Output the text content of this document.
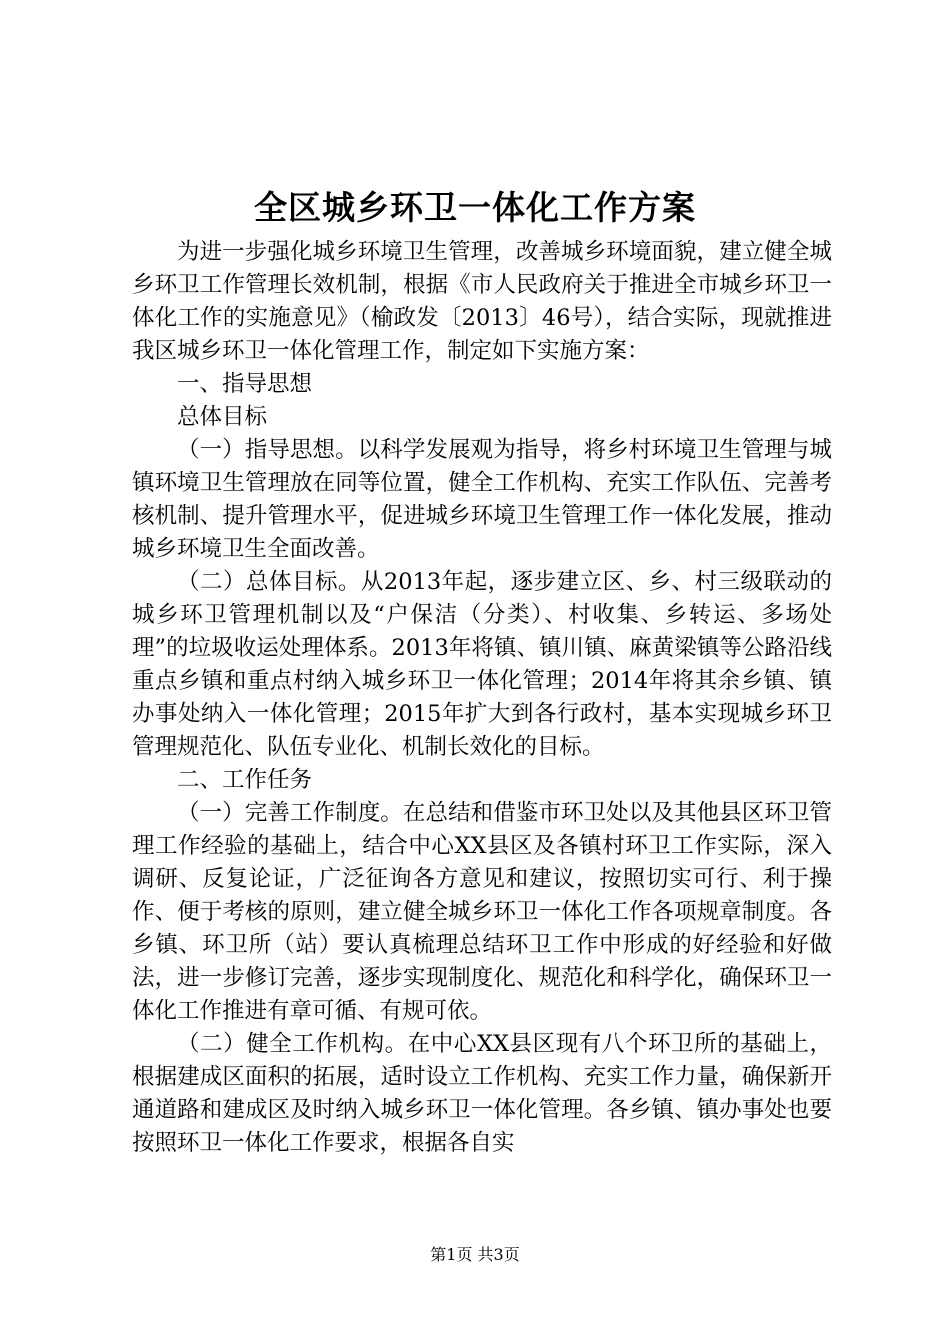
全区城乡环卫一体化工作方案

为进一步强化城乡环境卫生管理，改善城乡环境面貌，建立健全城乡环卫工作管理长效机制，根据《市人民政府关于推进全市城乡环卫一体化工作的实施意见》（榆政发〔2013〕46号），结合实际，现就推进我区城乡环卫一体化管理工作，制定如下实施方案：

一、指导思想

总体目标

（一）指导思想。以科学发展观为指导，将乡村环境卫生管理与城镇环境卫生管理放在同等位置，健全工作机构、充实工作队伍、完善考核机制、提升管理水平，促进城乡环境卫生管理工作一体化发展，推动城乡环境卫生全面改善。

（二）总体目标。从2013年起，逐步建立区、乡、村三级联动的城乡环卫管理机制以及“户保洁（分类）、村收集、乡转运、多场处理”的垃圾收运处理体系。2013年将镇、镇川镇、麻黄梁镇等公路沿线重点乡镇和重点村纳入城乡环卫一体化管理；2014年将其余乡镇、镇办事处纳入一体化管理；2015年扩大到各行政村，基本实现城乡环卫管理规范化、队伍专业化、机制长效化的目标。

二、工作任务

（一）完善工作制度。在总结和借鉴市环卫处以及其他县区环卫管理工作经验的基础上，结合中心XX县区及各镇村环卫工作实际，深入调研、反复论证，广泛征询各方意见和建议，按照切实可行、利于操作、便于考核的原则，建立健全城乡环卫一体化工作各项规章制度。各乡镇、环卫所（站）要认真梳理总结环卫工作中形成的好经验和好做法，进一步修订完善，逐步实现制度化、规范化和科学化，确保环卫一体化工作推进有章可循、有规可依。

（二）健全工作机构。在中心XX县区现有八个环卫所的基础上，根据建成区面积的拓展，适时设立工作机构、充实工作力量，确保新开通道路和建成区及时纳入城乡环卫一体化管理。各乡镇、镇办事处也要按照环卫一体化工作要求，根据各自实

第1页 共3页
